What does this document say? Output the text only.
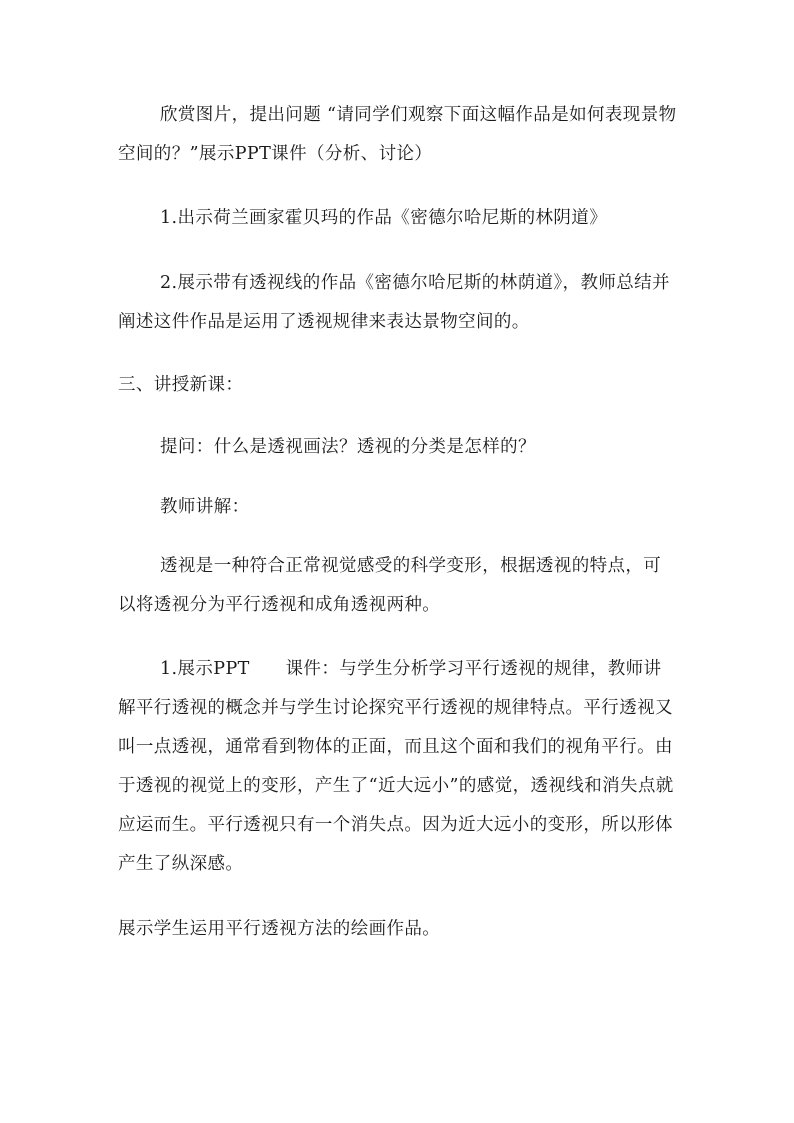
欣赏图片，提出问题 “请同学们观察下面这幅作品是如何表现景物空间的？”展示PPT课件（分析、讨论）

1.出示荷兰画家霍贝玛的作品《密德尔哈尼斯的林阴道》

2.展示带有透视线的作品《密德尔哈尼斯的林荫道》，教师总结并阐述这件作品是运用了透视规律来表达景物空间的。

三、讲授新课：

提问：什么是透视画法？透视的分类是怎样的？

教师讲解：

透视是一种符合正常视觉感受的科学变形，根据透视的特点，可以将透视分为平行透视和成角透视两种。

1.展示PPT　　课件：与学生分析学习平行透视的规律，教师讲解平行透视的概念并与学生讨论探究平行透视的规律特点。平行透视又叫一点透视，通常看到物体的正面，而且这个面和我们的视角平行。由于透视的视觉上的变形，产生了“近大远小”的感觉，透视线和消失点就应运而生。平行透视只有一个消失点。因为近大远小的变形，所以形体产生了纵深感。

展示学生运用平行透视方法的绘画作品。
